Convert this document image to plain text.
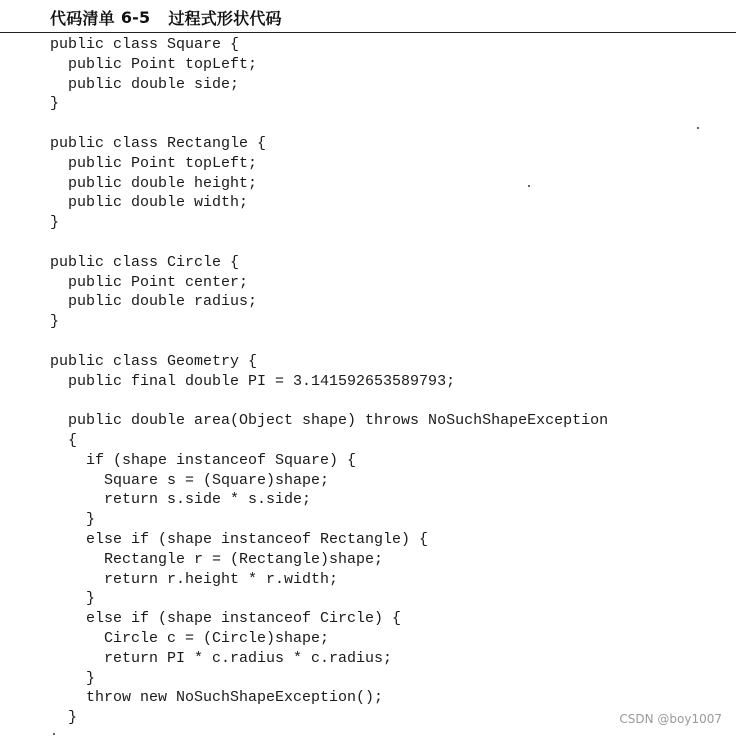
代码清单 6-5 过程式形状代码
public class Square {
public Point topLeft;
public double side;
}
public class Rectangle {
public Point topLeft;
public double height;
public double width;
}
public class Circle {
public Point center;
public double radius;
}
public class Geometry {
public final double PI = 3.141592653589793;
public double area(Object shape) throws NoSuchShapeException
{
if (shape instanceof Square) {
Square s = (Square)shape;
return s.side * s.side;
}
else if (shape instanceof Rectangle) {
Rectangle r = (Rectangle)shape;
return r.height * r.width;
}
else if (shape instanceof Circle) {
Circle c = (Circle)shape;
return PI * c.radius * c.radius;
}
throw new NoSuchShapeException();
}	CSDN @boy1007
